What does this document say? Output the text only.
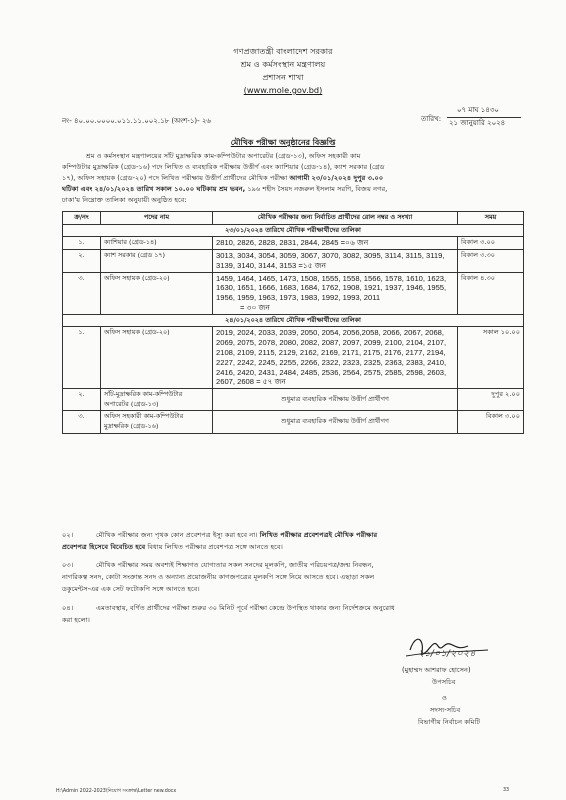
গণপ্রজাতন্ত্রী বাংলাদেশ সরকার
শ্রম ও কর্মসংস্থান মন্ত্রণালয়
প্রশাসন শাখা
(www.mole.gov.bd)
নং- ৪০.০০.০০০০.০১১.১১.০০২.১৮ (অংশ-১)- ২৬	তারিখ:
০৭ মাঘ ১৪৩০
২১ জানুয়ারি ২০২৪
মৌখিক পরীক্ষা অনুষ্ঠানের বিজ্ঞপ্তি
শ্রম ও কর্মসংস্থান মন্ত্রণালয়ের সাঁট মুদ্রাক্ষরিক কাম-কম্পিউটার অপারেটর (গ্রেড-১৩), অফিস সহকারী কাম
কম্পিউটার মুদ্রাক্ষরিক (গ্রেড-১৬) পদে লিখিত ও ব্যবহারিক পরীক্ষায় উত্তীর্ণ এবং ক্যাশিয়ার (গ্রেড-১৪), ক্যাশ সরকার (গ্রেড
১৭), অফিস সহায়ক (গ্রেড-২০) পদে লিখিত পরীক্ষায় উত্তীর্ণ প্রার্থীদের মৌখিক পরীক্ষা আগামী ২৩/০১/২০২৪ দুপুর ৩.০০
ঘটিকা এবং ২৪/০১/২০২৪ তারিখ সকাল ১০.০০ ঘটিকায় শ্রম ভবন, ১৯৬ শহীদ সৈয়দ নজরুল ইসলাম সরণি, বিজয় নগর,
ঢাকা'য় নিম্নোক্ত তালিকা অনুযায়ী অনুষ্ঠিত হবে:
ক্র/নং	পদের নাম	মৌখিক পরীক্ষার জন্য নির্বাচিত প্রার্থীদের রোল নম্বর ও সংখ্যা	সময়
২৩/০১/২০২৪ তারিখে মৌখিক পরীক্ষার্থীদের তালিকা			
১.	ক্যাশিয়ার (গ্রেড-১৪)	2810, 2826, 2828, 2831, 2844, 2845 =০৬ জন	বিকাল ৩.০০
২.	ক্যাশ সরকার (গ্রেড ১৭)	3013, 3034, 3054, 3059, 3067, 3070, 3082, 3095, 3114, 3115, 3119, 3139, 3140, 3144, 3153 =১৫ জন	বিকাল ৩.৩০
৩.	অফিস সহায়ক (গ্রেড-২০)	1459, 1464, 1465, 1473, 1508, 1555, 1558, 1566, 1578, 1610, 1623, 1630, 1651, 1666, 1683, 1684, 1762, 1908, 1921, 1937, 1946, 1955, 1956, 1959, 1963, 1973, 1983, 1992, 1993, 2011
= ৩০ জন	বিকাল ৪.৩০
২৪/০১/২০২৪ তারিখে মৌখিক পরীক্ষার্থীদের তালিকা			
১.	অফিস সহায়ক (গ্রেড-২০)	2019, 2024, 2033, 2039, 2050, 2054, 2056,2058, 2066, 2067, 2068, 2069, 2075, 2078, 2080, 2082, 2087, 2097, 2099, 2100, 2104, 2107, 2108, 2109, 2115, 2129, 2162, 2169, 2171, 2175, 2176, 2177, 2194, 2227, 2242, 2245, 2255, 2266, 2322, 2323, 2325, 2363, 2383, 2410, 2416, 2420, 2431, 2484, 2485, 2536, 2564, 2575, 2585, 2598, 2603, 2607, 2608 = ৫৭ জন	সকাল ১০.০০
২.	সাঁট-মুদ্রাক্ষরিক কাম-কম্পিউটার অপারেটর (গ্রেড-১৩)	শুধুমাত্র ব্যবহারিক পরীক্ষায় উত্তীর্ণ প্রার্থীগণ	দুপুর ২.০০
৩.	অফিস সহকারী কাম-কম্পিউটার মুদ্রাক্ষরিক (গ্রেড-১৬)	শুধুমাত্র ব্যবহারিক পরীক্ষায় উত্তীর্ণ প্রার্থীগণ	বিকাল ৩.০০
০২।	মৌখিক পরীক্ষার জন্য পৃথক কোন প্রবেশপত্র ইস্যু করা হবে না। লিখিত পরীক্ষার প্রবেশপত্রই মৌখিক পরীক্ষার
প্রবেশপত্র হিসেবে বিবেচিত হবে বিধায় লিখিত পরীক্ষার প্রবেশপত্র সঙ্গে আনতে হবে।
০৩।	মৌখিক পরীক্ষার সময় অবশ্যই শিক্ষাগত যোগ্যতার সকল সনদের মূলকপি, জাতীয় পরিচয়পত্র/জন্ম নিবন্ধন,
নাগরিকত্ব সনদ, কোটা সংক্রান্ত সনদ ও অন্যান্য প্রয়োজনীয় কাগজপত্রের মূলকপি সঙ্গে নিয়ে আসতে হবে। এছাড়া সকল
ডকুমেন্টস-এর এক সেট ফটোকপি সঙ্গে আনতে হবে।
০৪।	এমতাবস্থায়, বর্ণিত প্রার্থীদের পরীক্ষা শুরুর ৩০ মিনিট পূর্বে পরীক্ষা কেন্দ্রে উপস্থিত থাকার জন্য নির্দেশক্রমে অনুরোধ
করা হলো।
২১/০১/২০২৪
(মুহাম্মদ আশরাফ হোসেন)
উপসচিব
ও
সদস্য-সচিব
বিভাগীয় নির্বাচন কমিটি
H:\Admin 2022-2023\নিয়োগ সংক্রান্ত\Letter new.docx	33
